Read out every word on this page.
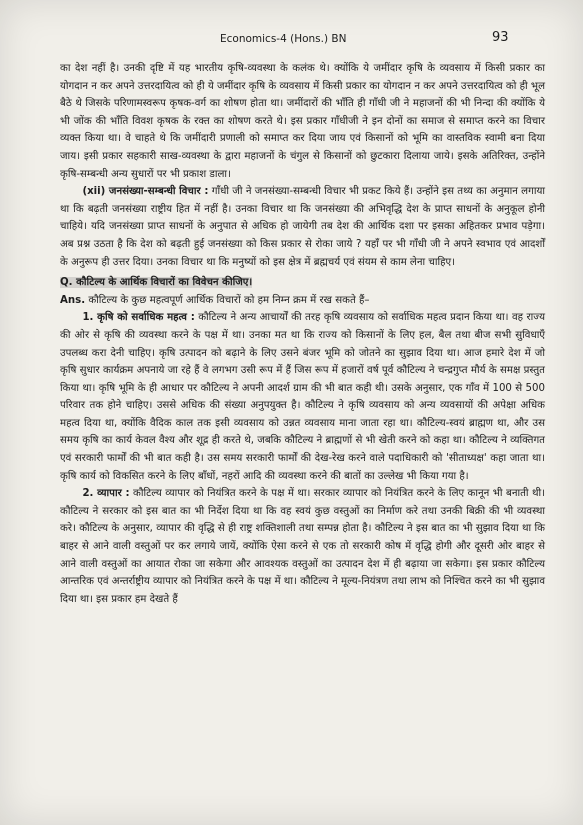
Economics-4 (Hons.) BN	93

का देश नहीं है। उनकी दृष्टि में यह भारतीय कृषि-व्यवस्था के कलंक थे। क्योंकि ये जमींदार कृषि के व्यवसाय में किसी प्रकार का योगदान न कर अपने उत्तरदायित्व को ही ये जमींदार कृषि के व्यवसाय में किसी प्रकार का योगदान न कर अपने उत्तरदायित्व को ही भूल बैठे थे जिसके परिणामस्वरूप कृषक-वर्ग का शोषण होता था। जमींदारों की भाँति ही गाँधी जी ने महाजनों की भी निन्दा की क्योंकि ये भी जोंक की भाँति विवश कृषक के रक्त का शोषण करते थे। इस प्रकार गाँधीजी ने इन दोनों का समाज से समाप्त करने का विचार व्यक्त किया था। वे चाहते थे कि जमींदारी प्रणाली को समाप्त कर दिया जाय एवं किसानों को भूमि का वास्तविक स्वामी बना दिया जाय। इसी प्रकार सहकारी साख-व्यवस्था के द्वारा महाजनों के चंगुल से किसानों को छुटकारा दिलाया जाये। इसके अतिरिक्त, उन्होंने कृषि-सम्बन्धी अन्य सुधारों पर भी प्रकाश डाला।

(xii) जनसंख्या-सम्बन्धी विचार : गाँधी जी ने जनसंख्या-सम्बन्धी विचार भी प्रकट किये हैं। उन्होंने इस तथ्य का अनुमान लगाया था कि बढ़ती जनसंख्या राष्ट्रीय हित में नहीं है। उनका विचार था कि जनसंख्या की अभिवृद्धि देश के प्राप्त साधनों के अनुकूल होनी चाहिये। यदि जनसंख्या प्राप्त साधनों के अनुपात से अधिक हो जायेगी तब देश की आर्थिक दशा पर इसका अहितकर प्रभाव पड़ेगा। अब प्रश्न उठता है कि देश को बढ़ती हुई जनसंख्या को किस प्रकार से रोका जाये ? यहाँ पर भी गाँधी जी ने अपने स्वभाव एवं आदर्शों के अनुरूप ही उत्तर दिया। उनका विचार था कि मनुष्यों को इस क्षेत्र में ब्रह्मचर्य एवं संयम से काम लेना चाहिए।

Q. कौटिल्य के आर्थिक विचारों का विवेचन कीजिए।

Ans. कौटिल्य के कुछ महत्वपूर्ण आर्थिक विचारों को हम निम्न क्रम में रख सकते हैं–

1. कृषि को सर्वाधिक महत्व : कौटिल्य ने अन्य आचार्यों की तरह कृषि व्यवसाय को सर्वाधिक महत्व प्रदान किया था। वह राज्य की ओर से कृषि की व्यवस्था करने के पक्ष में था। उनका मत था कि राज्य को किसानों के लिए हल, बैल तथा बीज सभी सुविधाएँ उपलब्ध करा देनी चाहिए। कृषि उत्पादन को बढ़ाने के लिए उसने बंजर भूमि को जोतने का सुझाव दिया था। आज हमारे देश में जो कृषि सुधार कार्यक्रम अपनाये जा रहे हैं वे लगभग उसी रूप में हैं जिस रूप में हजारों वर्ष पूर्व कौटिल्य ने चन्द्रगुप्त मौर्य के समक्ष प्रस्तुत किया था। कृषि भूमि के ही आधार पर कौटिल्य ने अपनी आदर्श ग्राम की भी बात कही थी। उसके अनुसार, एक गाँव में 100 से 500 परिवार तक होने चाहिए। उससे अधिक की संख्या अनुपयुक्त है। कौटिल्य ने कृषि व्यवसाय को अन्य व्यवसायों की अपेक्षा अधिक महत्व दिया था, क्योंकि वैदिक काल तक इसी व्यवसाय को उन्नत व्यवसाय माना जाता रहा था। कौटिल्य-स्वयं ब्राह्मण था, और उस समय कृषि का कार्य केवल वैश्य और शूद्र ही करते थे, जबकि कौटिल्य ने ब्राह्मणों से भी खेती करने को कहा था। कौटिल्य ने व्यक्तिगत एवं सरकारी फार्मों की भी बात कही है। उस समय सरकारी फार्मों की देख-रेख करने वाले पदाधिकारी को 'सीताध्यक्ष' कहा जाता था। कृषि कार्य को विकसित करने के लिए बाँधों, नहरों आदि की व्यवस्था करने की बातों का उल्लेख भी किया गया है।

2. व्यापार : कौटिल्य व्यापार को नियंत्रित करने के पक्ष में था। सरकार व्यापार को नियंत्रित करने के लिए कानून भी बनाती थी। कौटिल्य ने सरकार को इस बात का भी निर्देश दिया था कि वह स्वयं कुछ वस्तुओं का निर्माण करे तथा उनकी बिक्री की भी व्यवस्था करे। कौटिल्य के अनुसार, व्यापार की वृद्धि से ही राष्ट्र शक्तिशाली तथा सम्पन्न होता है। कौटिल्य ने इस बात का भी सुझाव दिया था कि बाहर से आने वाली वस्तुओं पर कर लगाये जायें, क्योंकि ऐसा करने से एक तो सरकारी कोष में वृद्धि होगी और दूसरी ओर बाहर से आने वाली वस्तुओं का आयात रोका जा सकेगा और आवश्यक वस्तुओं का उत्पादन देश में ही बढ़ाया जा सकेगा। इस प्रकार कौटिल्य आन्तरिक एवं अन्तर्राष्ट्रीय व्यापार को नियंत्रित करने के पक्ष में था। कौटिल्य ने मूल्य-नियंत्रण तथा लाभ को निश्चित करने का भी सुझाव दिया था। इस प्रकार हम देखते हैं
